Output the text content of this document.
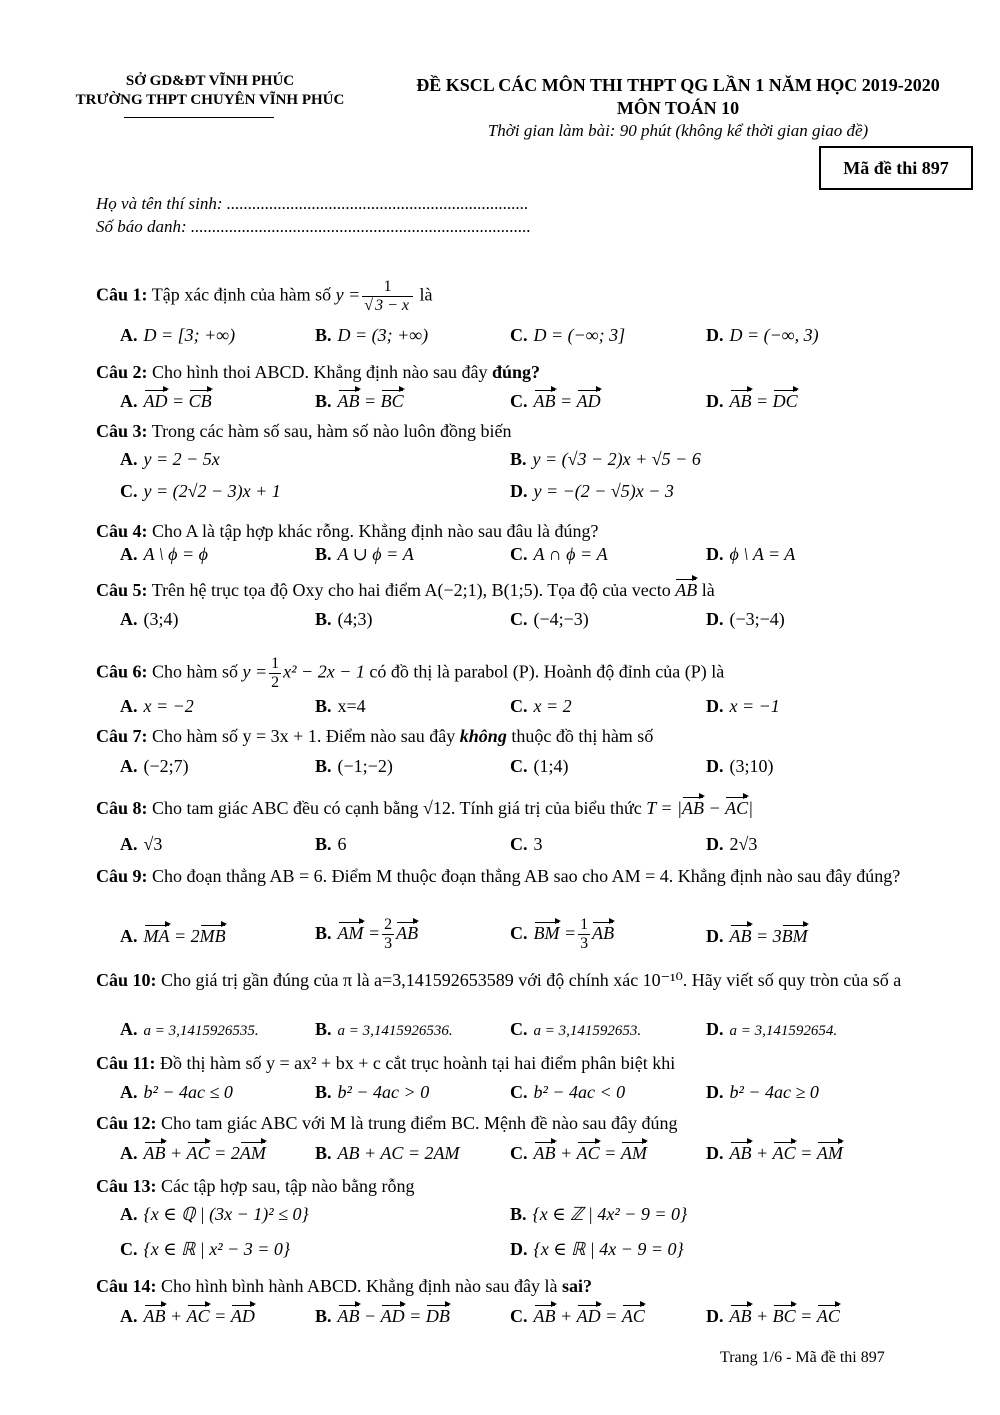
SỞ GD&ĐT VĨNH PHÚC
TRƯỜNG THPT CHUYÊN VĨNH PHÚC
ĐỀ KSCL CÁC MÔN THI THPT QG LẦN 1 NĂM HỌC 2019-2020
MÔN TOÁN 10
Thời gian làm bài: 90 phút (không kể thời gian giao đề)
Mã đề thi 897
Họ và tên thí sinh: .......................................................................
Số báo danh: ................................................................................
Câu 1: Tập xác định của hàm số $y = \frac{1}{√ 3 - x}$ là
A. D = [3; +∞)	B. D = (3; +∞)	C. D = (−∞; 3]	D. D = (−∞, 3)
Câu 2: Cho hình thoi ABCD. Khẳng định nào sau đây đúng?
A. AD = CB	B. AB = BC	C. AB = AD	D. AB = DC
Câu 3: Trong các hàm số sau, hàm số nào luôn đồng biến
A. y = 2 − 5x	B. y = (√3 − 2)x + √5 − 6
C. y = (2√2 − 3)x + 1	D. y = −(2 − √5)x − 3
Câu 4: Cho A là tập hợp khác rỗng. Khẳng định nào sau đâu là đúng?
A. A \ ϕ = ϕ	B. A ∪ ϕ = A	C. A ∩ ϕ = A	D. ϕ \ A = A
Câu 5: Trên hệ trục tọa độ Oxy cho hai điểm A(−2;1), B(1;5). Tọa độ của vecto AB là
A. (3;4)	B. (4;3)	C. (−4;−3)	D. (−3;−4)
Câu 6: Cho hàm số $y = \frac{1}{2} x^2 - 2x - 1$ có đồ thị là parabol (P). Hoành độ đỉnh của (P) là
A. x = −2	B. x=4	C. x = 2	D. x = −1
Câu 7: Cho hàm số y = 3x + 1. Điểm nào sau đây không thuộc đồ thị hàm số
A. (−2;7)	B. (−1;−2)	C. (1;4)	D. (3;10)
Câu 8: Cho tam giác ABC đều có cạnh bằng √12. Tính giá trị của biểu thức T = |AB − AC|
A. √3	B. 6	C. 3	D. 2√3
Câu 9: Cho đoạn thẳng AB = 6. Điểm M thuộc đoạn thẳng AB sao cho AM = 4. Khẳng định nào sau đây đúng?
A. MA = 2MB	B. AM = $\frac{2}{3}$ AB	C. BM = $\frac{1}{3}$ AB	D. AB = 3BM
Câu 10: Cho giá trị gần đúng của π là a=3,141592653589 với độ chính xác 10⁻¹⁰. Hãy viết số quy tròn của số a
A. a = 3,1415926535.	B. a = 3,1415926536.	C. a = 3,141592653.	D. a = 3,141592654.
Câu 11: Đồ thị hàm số y = ax² + bx + c cắt trục hoành tại hai điểm phân biệt khi
A. b² − 4ac ≤ 0	B. b² − 4ac > 0	C. b² − 4ac < 0	D. b² − 4ac ≥ 0
Câu 12: Cho tam giác ABC với M là trung điểm BC. Mệnh đề nào sau đây đúng
A. AB + AC = 2AM	B. AB + AC = 2AM	C. AB + AC = AM	D. AB + AC = AM
Câu 13: Các tập hợp sau, tập nào bằng rỗng
A. {x ∈ ℚ | (3x − 1)² ≤ 0}	B. {x ∈ ℤ | 4x² − 9 = 0}
C. {x ∈ ℝ | x² − 3 = 0}	D. {x ∈ ℝ | 4x − 9 = 0}
Câu 14: Cho hình bình hành ABCD. Khẳng định nào sau đây là sai?
A. AB + AC = AD	B. AB − AD = DB	C. AB + AD = AC	D. AB + BC = AC
Trang 1/6 - Mã đề thi 897
